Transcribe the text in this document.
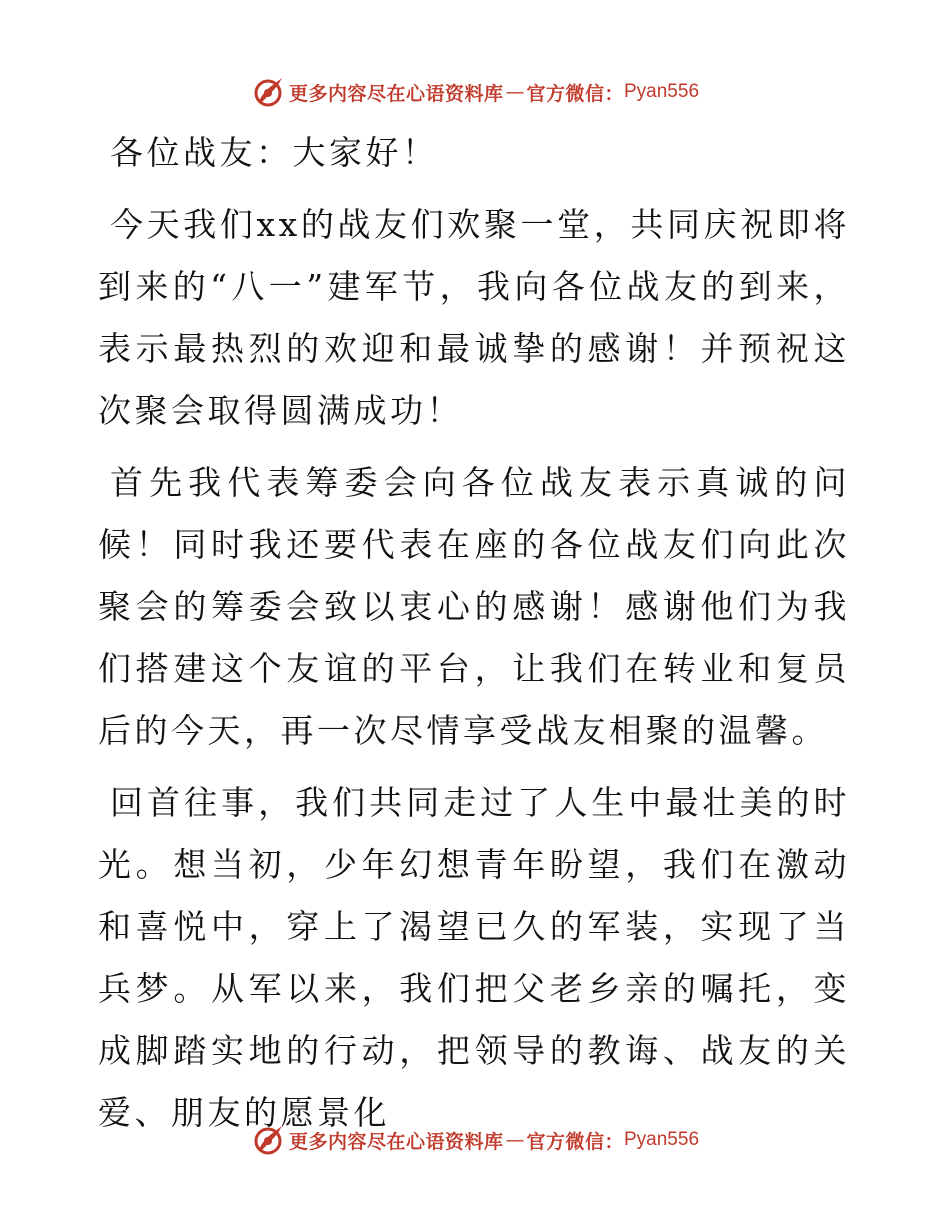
更多内容尽在心语资料库 — 官方微信： Pyan556

各位战友：大家好！

今天我们xx的战友们欢聚一堂，共同庆祝即将到来的“八一”建军节，我向各位战友的到来，表示最热烈的欢迎和最诚挚的感谢！并预祝这次聚会取得圆满成功！

首先我代表筹委会向各位战友表示真诚的问候！同时我还要代表在座的各位战友们向此次聚会的筹委会致以衷心的感谢！感谢他们为我们搭建这个友谊的平台，让我们在转业和复员后的今天，再一次尽情享受战友相聚的温馨。

回首往事，我们共同走过了人生中最壮美的时光。想当初，少年幻想青年盼望，我们在激动和喜悦中，穿上了渴望已久的军装，实现了当兵梦。从军以来，我们把父老乡亲的嘱托，变成脚踏实地的行动，把领导的教诲、战友的关爱、朋友的愿景化

更多内容尽在心语资料库 — 官方微信： Pyan556
